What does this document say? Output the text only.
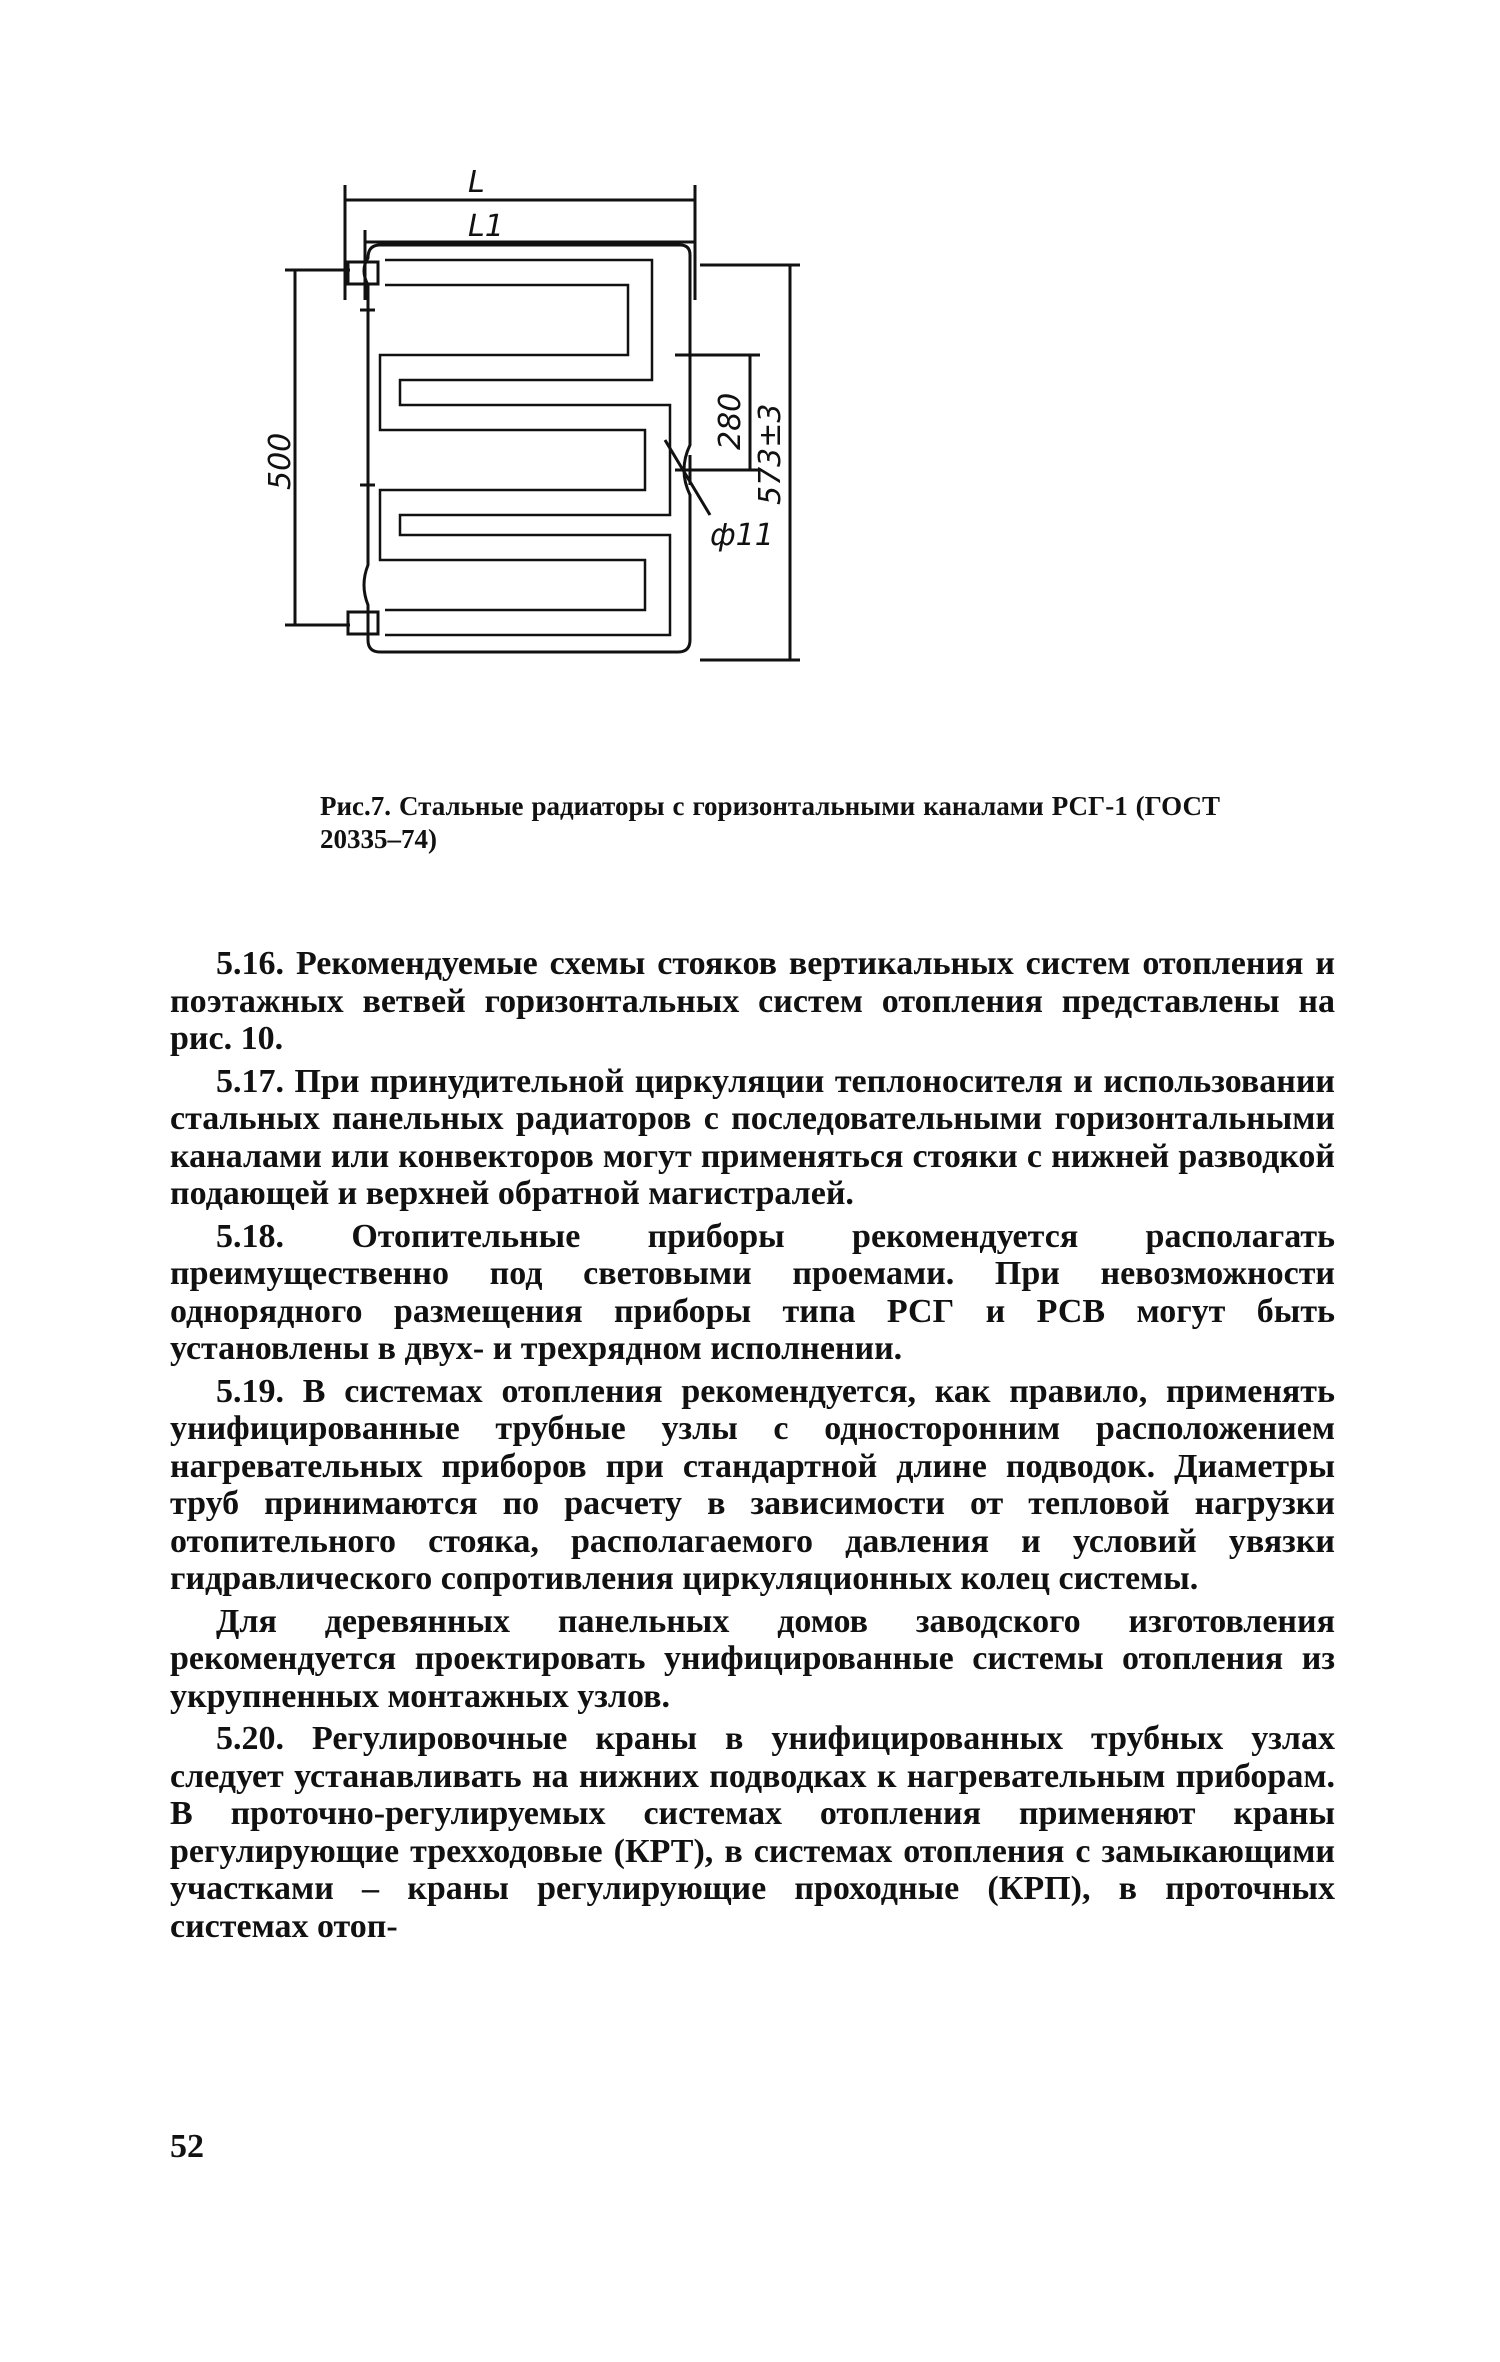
L
L1
500
280 573±3
ф11
Рис.7. Стальные радиаторы с горизонтальными каналами РСГ-1 (ГОСТ 20335–74)

5.16. Рекомендуемые схемы стояков вертикальных систем отопления и поэтажных ветвей горизонтальных систем отопления представлены на рис. 10.

5.17. При принудительной циркуляции теплоносителя и использовании стальных панельных радиаторов с последовательными горизонтальными каналами или конвекторов могут применяться стояки с нижней разводкой подающей и верхней обратной магистралей.

5.18. Отопительные приборы рекомендуется располагать преимущественно под световыми проемами. При невозможности однорядного размещения приборы типа РСГ и РСВ могут быть установлены в двух- и трехрядном исполнении.

5.19. В системах отопления рекомендуется, как правило, применять унифицированные трубные узлы с односторонним расположением нагревательных приборов при стандартной длине подводок. Диаметры труб принимаются по расчету в зависимости от тепловой нагрузки отопительного стояка, располагаемого давления и условий увязки гидравлического сопротивления циркуляционных колец системы.

Для деревянных панельных домов заводского изготовления рекомендуется проектировать унифицированные системы отопления из укрупненных монтажных узлов.

5.20. Регулировочные краны в унифицированных трубных узлах следует устанавливать на нижних подводках к нагревательным приборам. В проточно-регулируемых системах отопления применяют краны регулирующие трехходовые (КРТ), в системах отопления с замыкающими участками – краны регулирующие проходные (КРП), в проточных системах отоп-

52
